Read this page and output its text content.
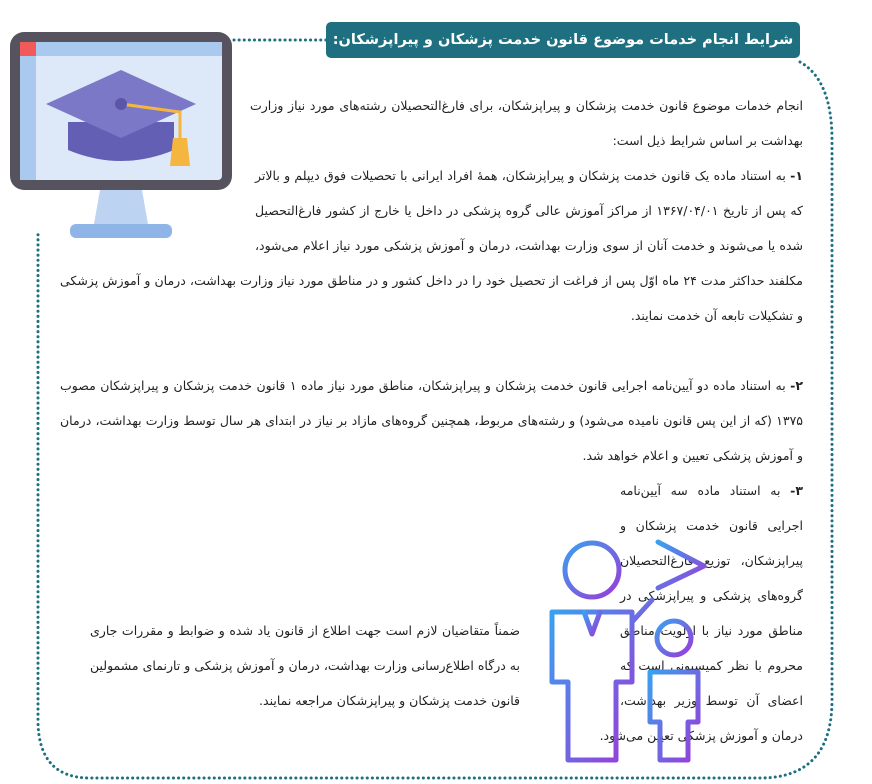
شرایط انجام خدمات موضوع قانون خدمت پزشکان و پیراپزشکان:

انجام خدمات موضوع قانون خدمت پزشکان و پیراپزشکان، برای فارغ‌التحصیلان رشته‌های مورد نیاز وزارت بهداشت بر اساس شرایط ذیل است:

۱- به استناد ماده یک قانون خدمت پزشکان و پیراپزشکان، همهٔ افراد ایرانی با تحصیلات فوق دیپلم و بالاتر که پس از تاریخ ۱۳۶۷/۰۴/۰۱ از مراکز آموزش عالی گروه پزشکی در داخل یا خارج از کشور فارغ‌التحصیل شده یا می‌شوند و خدمت آنان از سوی وزارت بهداشت، درمان و آموزش پزشکی مورد نیاز اعلام می‌شود، مکلفند حداکثر مدت ۲۴ ماه اوّل پس از فراغت از تحصیل خود را در داخل کشور و در مناطق مورد نیاز وزارت بهداشت، درمان و آموزش پزشکی و تشکیلات تابعه آن خدمت نمایند.

۲- به استناد ماده دو آیین‌نامه اجرایی قانون خدمت پزشکان و پیراپزشکان، مناطق مورد نیاز ماده ۱ قانون خدمت پزشکان و پیراپزشکان مصوب ۱۳۷۵ (که از این پس قانون نامیده می‌شود) و رشته‌های مربوط، همچنین گروه‌های مازاد بر نیاز در ابتدای هر سال توسط وزارت بهداشت، درمان و آموزش پزشکی تعیین و اعلام خواهد شد.

۳- به استناد ماده سه آیین‌نامه اجرایی قانون خدمت پزشکان و پیراپزشکان، توزیع فارغ‌التحصیلان گروه‌های پزشکی و پیراپزشکی در مناطق مورد نیاز با اولویت مناطق محروم با نظر کمیسیونی است که اعضای آن توسط وزیر بهداشت، درمان و آموزش پزشکی تعیین می‌شود.

ضمناً متقاضیان لازم است جهت اطلاع از قانون یاد شده و ضوابط و مقررات جاری به درگاه اطلاع‌رسانی وزارت بهداشت، درمان و آموزش پزشکی و تارنمای مشمولین قانون خدمت پزشکان و پیراپزشکان مراجعه نمایند.
